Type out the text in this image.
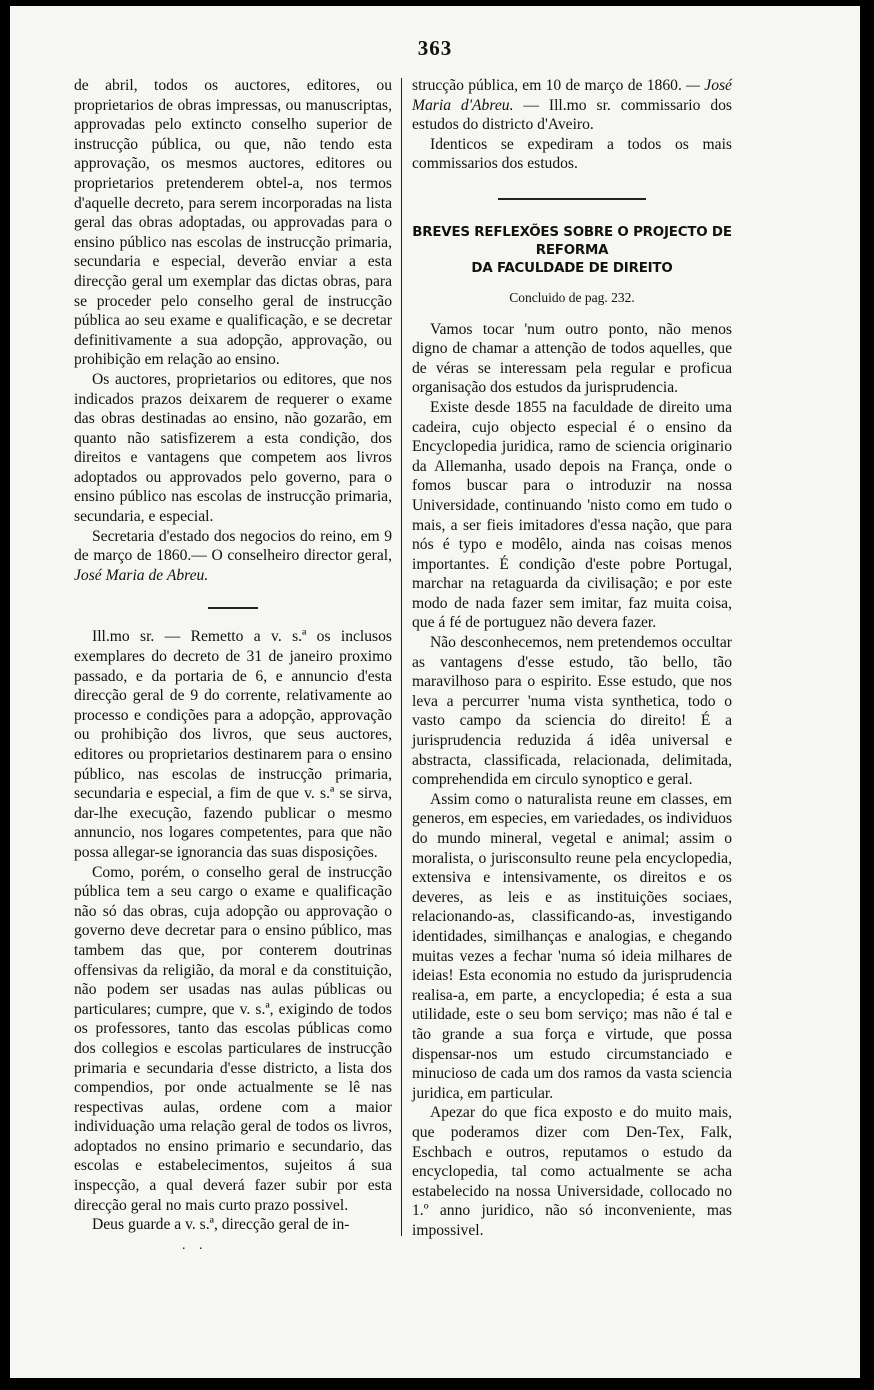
363

de abril, todos os auctores, editores, ou proprietarios de obras impressas, ou manuscriptas, approvadas pelo extincto conselho superior de instrucção pública, ou que, não tendo esta approvação, os mesmos auctores, editores ou proprietarios pretenderem obtel-a, nos termos d'aquelle decreto, para serem incorporadas na lista geral das obras adoptadas, ou approvadas para o ensino público nas escolas de instrucção primaria, secundaria e especial, deverão enviar a esta direcção geral um exemplar das dictas obras, para se proceder pelo conselho geral de instrucção pública ao seu exame e qualificação, e se decretar definitivamente a sua adopção, approvação, ou prohibição em relação ao ensino.

Os auctores, proprietarios ou editores, que nos indicados prazos deixarem de requerer o exame das obras destinadas ao ensino, não gozarão, em quanto não satisfizerem a esta condição, dos direitos e vantagens que competem aos livros adoptados ou approvados pelo governo, para o ensino público nas escolas de instrucção primaria, secundaria, e especial.

Secretaria d'estado dos negocios do reino, em 9 de março de 1860.— O conselheiro director geral, José Maria de Abreu.

Ill.mo sr. — Remetto a v. s.ª os inclusos exemplares do decreto de 31 de janeiro proximo passado, e da portaria de 6, e annuncio d'esta direcção geral de 9 do corrente, relativamente ao processo e condições para a adopção, approvação ou prohibição dos livros, que seus auctores, editores ou proprietarios destinarem para o ensino público, nas escolas de instrucção primaria, secundaria e especial, a fim de que v. s.ª se sirva, dar-lhe execução, fazendo publicar o mesmo annuncio, nos logares competentes, para que não possa allegar-se ignorancia das suas disposições.

Como, porém, o conselho geral de instrucção pública tem a seu cargo o exame e qualificação não só das obras, cuja adopção ou approvação o governo deve decretar para o ensino público, mas tambem das que, por conterem doutrinas offensivas da religião, da moral e da constituição, não podem ser usadas nas aulas públicas ou particulares; cumpre, que v. s.ª, exigindo de todos os professores, tanto das escolas públicas como dos collegios e escolas particulares de instrucção primaria e secundaria d'esse districto, a lista dos compendios, por onde actualmente se lê nas respectivas aulas, ordene com a maior individuação uma relação geral de todos os livros, adoptados no ensino primario e secundario, das escolas e estabelecimentos, sujeitos á sua inspecção, a qual deverá fazer subir por esta direcção geral no mais curto prazo possivel.

Deus guarde a v. s.ª, direcção geral de in-

. .

strucção pública, em 10 de março de 1860. — José Maria d'Abreu. — Ill.mo sr. commissario dos estudos do districto d'Aveiro.

Identicos se expediram a todos os mais commissarios dos estudos.

BREVES REFLEXÕES SOBRE O PROJECTO DE REFORMA
DA FACULDADE DE DIREITO
Concluido de pag. 232.

Vamos tocar 'num outro ponto, não menos digno de chamar a attenção de todos aquelles, que de véras se interessam pela regular e proficua organisação dos estudos da jurisprudencia.

Existe desde 1855 na faculdade de direito uma cadeira, cujo objecto especial é o ensino da Encyclopedia juridica, ramo de sciencia originario da Allemanha, usado depois na França, onde o fomos buscar para o introduzir na nossa Universidade, continuando 'nisto como em tudo o mais, a ser fieis imitadores d'essa nação, que para nós é typo e modêlo, ainda nas coisas menos importantes. É condição d'este pobre Portugal, marchar na retaguarda da civilisação; e por este modo de nada fazer sem imitar, faz muita coisa, que á fé de portuguez não devera fazer.

Não desconhecemos, nem pretendemos occultar as vantagens d'esse estudo, tão bello, tão maravilhoso para o espirito. Esse estudo, que nos leva a percurrer 'numa vista synthetica, todo o vasto campo da sciencia do direito! É a jurisprudencia reduzida á idêa universal e abstracta, classificada, relacionada, delimitada, comprehendida em circulo synoptico e geral.

Assim como o naturalista reune em classes, em generos, em especies, em variedades, os individuos do mundo mineral, vegetal e animal; assim o moralista, o jurisconsulto reune pela encyclopedia, extensiva e intensivamente, os direitos e os deveres, as leis e as instituições sociaes, relacionando-as, classificando-as, investigando identidades, similhanças e analogias, e chegando muitas vezes a fechar 'numa só ideia milhares de ideias! Esta economia no estudo da jurisprudencia realisa-a, em parte, a encyclopedia; é esta a sua utilidade, este o seu bom serviço; mas não é tal e tão grande a sua força e virtude, que possa dispensar-nos um estudo circumstanciado e minucioso de cada um dos ramos da vasta sciencia juridica, em particular.

Apezar do que fica exposto e do muito mais, que poderamos dizer com Den-Tex, Falk, Eschbach e outros, reputamos o estudo da encyclopedia, tal como actualmente se acha estabelecido na nossa Universidade, collocado no 1.º anno juridico, não só inconveniente, mas impossivel.
